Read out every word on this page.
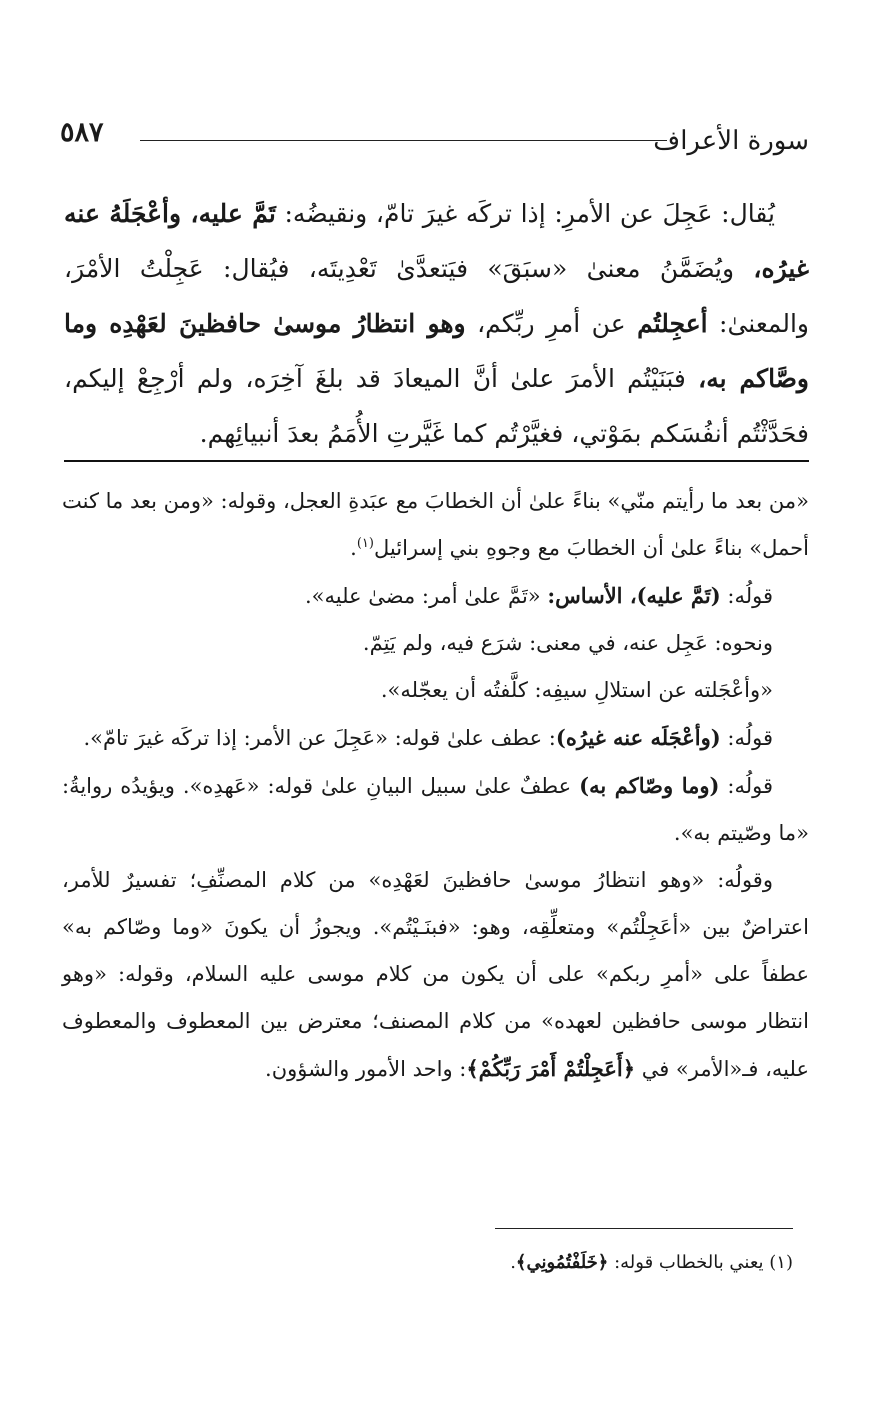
سورة الأعراف
٥٨٧

يُقال: عَجِلَ عن الأمرِ: إذا تركَه غيرَ تامّ، ونقيضُه: تَمَّ عليه، وأعْجَلَهُ عنه غيرُه، ويُضَمَّنُ معنىٰ «سبَقَ» فيَتعدَّىٰ تَعْدِيتَه، فيُقال: عَجِلْتُ الأمْرَ، والمعنىٰ: أعجِلتُم عن أمرِ ربِّكم، وهو انتظارُ موسىٰ حافظينَ لعَهْدِه وما وصَّاكم به، فبَنَيْتُم الأمرَ علىٰ أنَّ الميعادَ قد بلغَ آخِرَه، ولم أرْجِعْ إليكم، فحَدَّثْتُم أنفُسَكم بمَوْتي، فغيَّرْتُم كما غَيَّرتِ الأُمَمُ بعدَ أنبيائِهم.

«من بعد ما رأيتم منّي» بناءً علىٰ أن الخطابَ مع عبَدةِ العجل، وقوله: «ومن بعد ما كنت أحمل» بناءً علىٰ أن الخطابَ مع وجوهِ بني إسرائيل$^{(١)}$.

قولُه: (تَمَّ عليه)، الأساس: «تَمَّ علىٰ أمر: مضىٰ عليه».

ونحوه: عَجِل عنه، في معنى: شرَع فيه، ولم يَتِمّ.

«وأعْجَلته عن استلالِ سيفِه: كلَّفتُه أن يعجّله».

قولُه: (وأعْجَلَه عنه غيرُه): عطف علىٰ قوله: «عَجِلَ عن الأمر: إذا تركَه غيرَ تامّ».

قولُه: (وما وصّاكم به) عطفٌ علىٰ سبيل البيانِ علىٰ قوله: «عَهدِه». ويؤيدُه روايةُ: «ما وصّيتم به».

وقولُه: «وهو انتظارُ موسىٰ حافظينَ لعَهْدِه» من كلام المصنِّفِ؛ تفسيرٌ للأمر، اعتراضٌ بين «أعَجِلْتُم» ومتعلِّقِه، وهو: «فبنَـيْتُم». ويجوزُ أن يكونَ «وما وصّاكم به» عطفاً على «أمرِ ربكم» على أن يكون من كلام موسى عليه السلام، وقوله: «وهو انتظار موسى حافظين لعهده» من كلام المصنف؛ معترض بين المعطوف والمعطوف عليه، فـ«الأمر» في ﴿أَعَجِلْتُمْ أَمْرَ رَبِّكُمْ﴾: واحد الأمور والشؤون.

(١) يعني بالخطاب قوله: ﴿خَلَفْتُمُونِي﴾.
